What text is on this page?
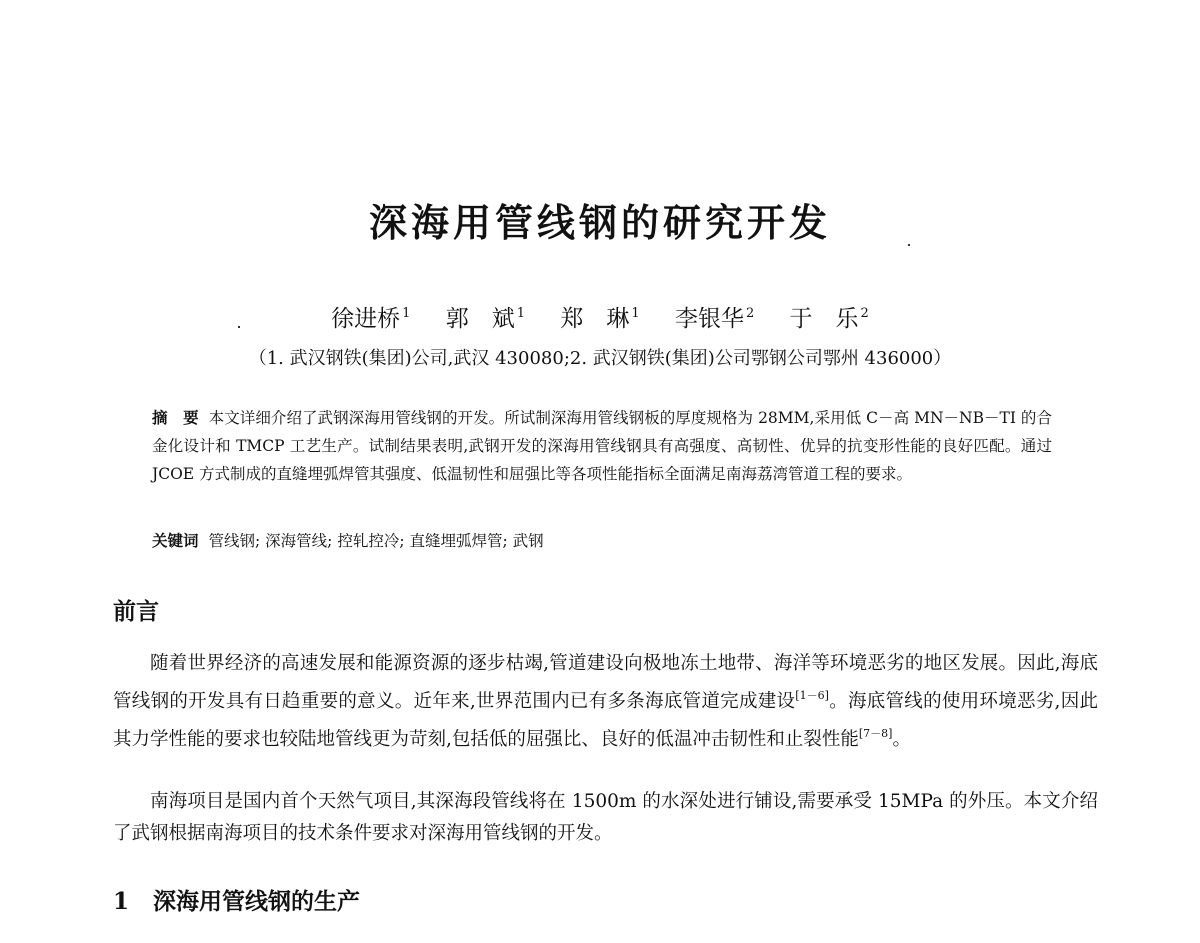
深海用管线钢的研究开发
徐进桥 $^1$ 郭　斌 $^1$ 郑　琳 $^1$ 李银华 $^2$ 于　乐 $^2$
（1. 武汉钢铁(集团)公司,武汉 430080;2. 武汉钢铁(集团)公司鄂钢公司鄂州 436000）
摘　要 本文详细介绍了武钢深海用管线钢的开发。所试制深海用管线钢板的厚度规格为 28MM,采用低 C－高 MN－NB－TI 的合金化设计和 TMCP 工艺生产。试制结果表明,武钢开发的深海用管线钢具有高强度、高韧性、优异的抗变形性能的良好匹配。通过 JCOE 方式制成的直缝埋弧焊管其强度、低温韧性和屈强比等各项性能指标全面满足南海荔湾管道工程的要求。
关键词 管线钢; 深海管线; 控轧控冷; 直缝埋弧焊管; 武钢
前言

随着世界经济的高速发展和能源资源的逐步枯竭,管道建设向极地冻土地带、海洋等环境恶劣的地区发展。因此,海底管线钢的开发具有日趋重要的意义。近年来,世界范围内已有多条海底管道完成建设[1－6]。海底管线的使用环境恶劣,因此其力学性能的要求也较陆地管线更为苛刻,包括低的屈强比、良好的低温冲击韧性和止裂性能[7－8]。

南海项目是国内首个天然气项目,其深海段管线将在 1500m 的水深处进行铺设,需要承受 15MPa 的外压。本文介绍了武钢根据南海项目的技术条件要求对深海用管线钢的开发。

1 深海用管线钢的生产
